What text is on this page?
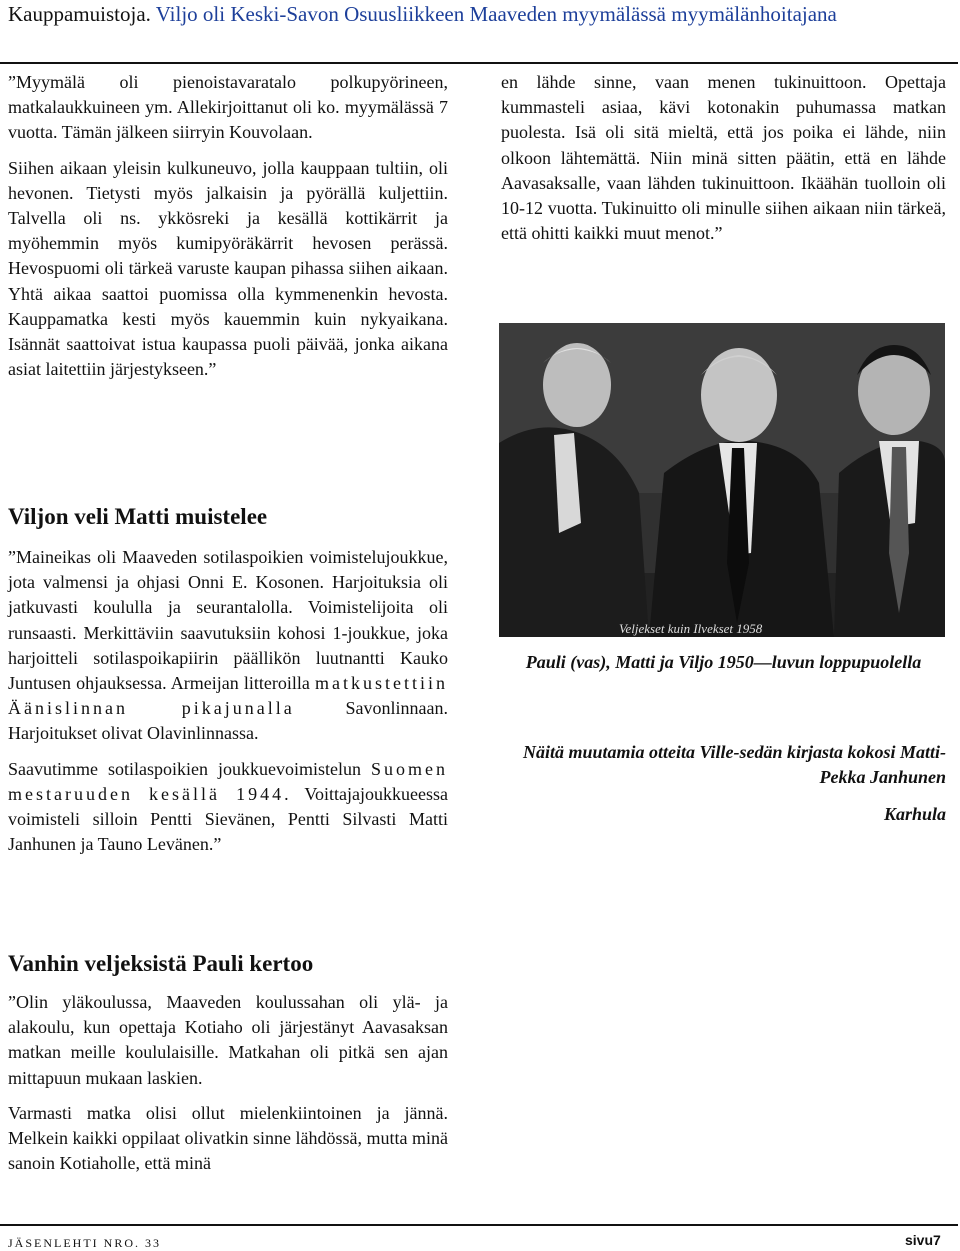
Kauppamuistoja. Viljo oli Keski-Savon Osuusliikkeen Maaveden myymälässä myymälänhoitajana

”Myymälä oli pienoistavaratalo polkupyörineen, matkalaukkuineen ym. Allekirjoittanut oli ko. myymälässä 7 vuotta. Tämän jälkeen siirryin Kouvolaan.

Siihen aikaan yleisin kulkuneuvo, jolla kauppaan tultiin, oli hevonen. Tietysti myös jalkaisin ja pyörällä kuljettiin. Talvella oli ns. ykkösreki ja kesällä kottikärrit ja myöhemmin myös kumipyöräkärrit hevosen perässä. Hevospuomi oli tärkeä varuste kaupan pihassa siihen aikaan. Yhtä aikaa saattoi puomissa olla kymmenenkin hevosta. Kauppamatka kesti myös kauemmin kuin nykyaikana. Isännät saattoivat istua kaupassa puoli päivää, jonka aikana asiat laitettiin järjestykseen.”

Viljon veli Matti muistelee

”Maineikas oli Maaveden sotilaspoikien voimistelujoukkue, jota valmensi ja ohjasi Onni E. Kosonen. Harjoituksia oli jatkuvasti koululla ja seurantalolla. Voimistelijoita oli runsaasti. Merkittäviin saavutuksiin kohosi 1-joukkue, joka harjoitteli sotilaspoikapiirin päällikön luutnantti Kauko Juntusen ohjauksessa. Armeijan litteroilla matkustettiin Äänislinnan pikajunalla	Savonlinnaan. Harjoitukset olivat Olavinlinnassa.

Saavutimme sotilaspoikien joukkuevoimistelun Suomen mestaruuden kesällä 1944. Voittajajoukkueessa voimisteli silloin Pentti Sievänen, Pentti Silvasti Matti Janhunen ja Tauno Levänen.”

Vanhin veljeksistä Pauli kertoo

”Olin yläkoulussa, Maaveden koulussahan oli ylä- ja alakoulu, kun opettaja Kotiaho oli järjestänyt Aavasaksan matkan meille koululaisille. Matkahan oli pitkä sen ajan mittapuun mukaan laskien.

Varmasti matka olisi ollut mielenkiintoinen ja jännä. Melkein kaikki oppilaat olivatkin sinne lähdössä, mutta minä sanoin Kotiaholle, että minä

en lähde sinne, vaan menen tukinuittoon. Opettaja kummasteli asiaa, kävi kotonakin puhumassa matkan puolesta. Isä oli sitä mieltä, että jos poika ei lähde, niin olkoon lähtemättä. Niin minä sitten päätin, että en lähde Aavasaksalle, vaan lähden tukinuittoon. Ikäähän tuolloin oli 10-12 vuotta. Tukinuitto oli minulle siihen aikaan niin tärkeä, että ohitti kaikki muut menot.”

Veljekset kuin Ilvekset 1958
Pauli (vas), Matti ja Viljo 1950—luvun loppupuolella
Näitä muutamia otteita Ville-sedän kirjasta kokosi Matti-Pekka Janhunen
Karhula
JÄSENLEHTI NRO. 33	sivu7
